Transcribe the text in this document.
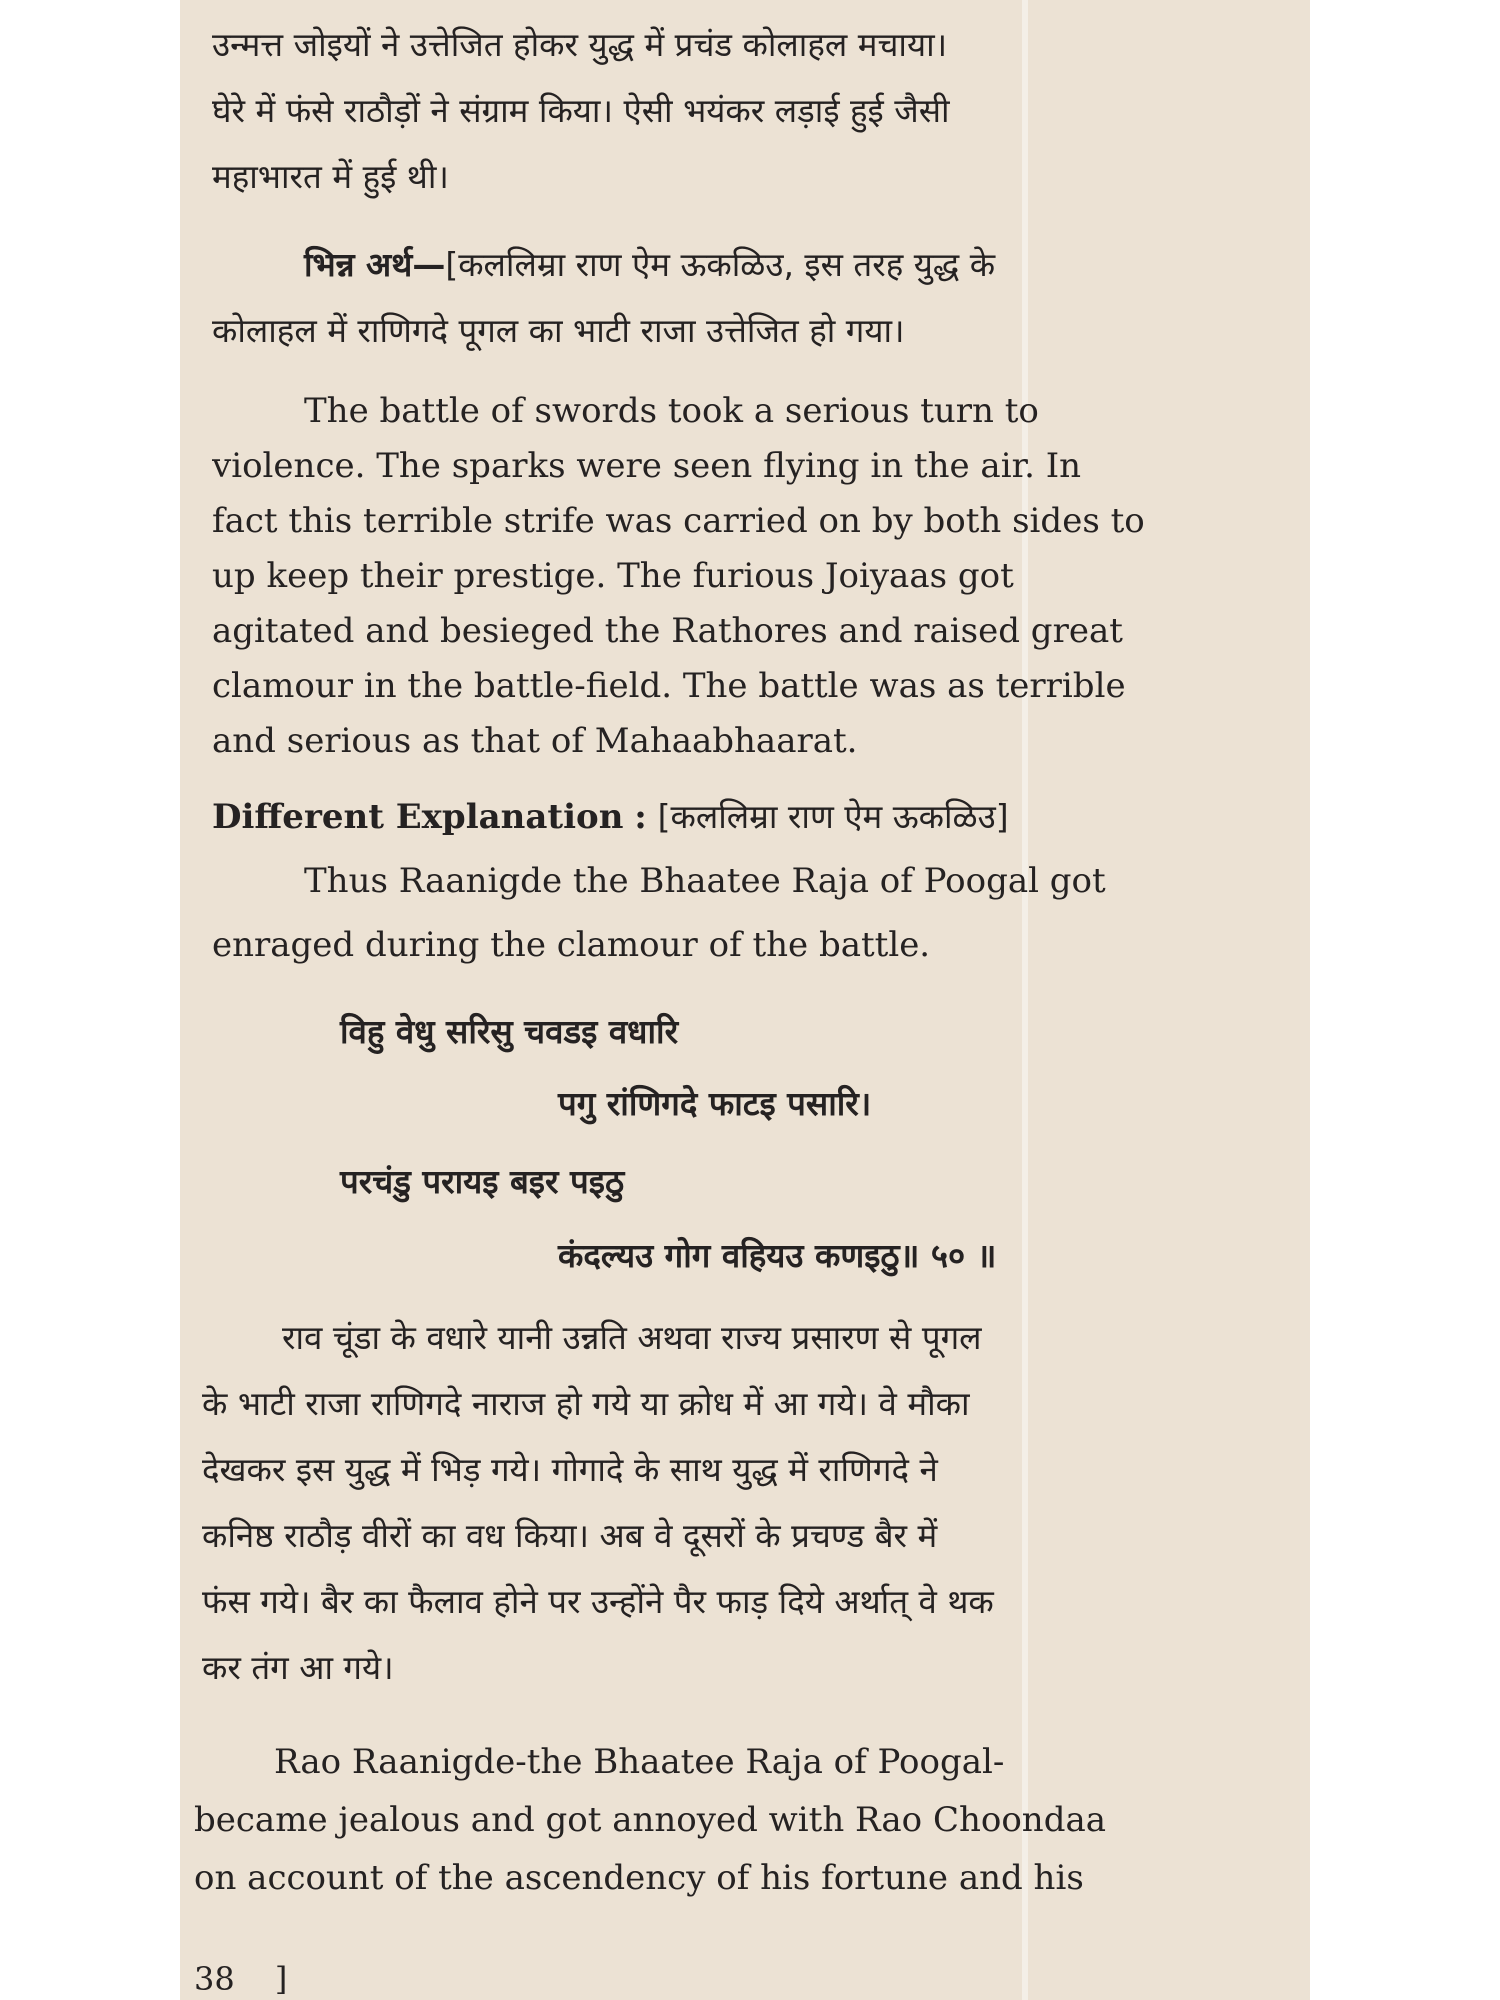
उन्मत्त जोइयों ने उत्तेजित होकर युद्ध में प्रचंड कोलाहल मचाया।
घेरे में फंसे राठौड़ों ने संग्राम किया। ऐसी भयंकर लड़ाई हुई जैसी
महाभारत में हुई थी।
भिन्न अर्थ—[कललिम्रा राण ऐम ऊकळिउ, इस तरह युद्ध के
कोलाहल में राणिगदे पूगल का भाटी राजा उत्तेजित हो गया।
The battle of swords took a serious turn to
violence. The sparks were seen flying in the air. In
fact this terrible strife was carried on by both sides to
up keep their prestige. The furious Joiyaas got
agitated and besieged the Rathores and raised great
clamour in the battle-field. The battle was as terrible
and serious as that of Mahaabhaarat.
Different Explanation : [कललिम्रा राण ऐम ऊकळिउ]
Thus Raanigde the Bhaatee Raja of Poogal got
enraged during the clamour of the battle.
विहु वेधु सरिसु चवडइ वधारि
पगु रांणिगदे फाटइ पसारि।
परचंडु परायइ बइर पइठु
कंदल्यउ गोग वहियउ कणइठु॥ ५० ॥
राव चूंडा के वधारे यानी उन्नति अथवा राज्य प्रसारण से पूगल
के भाटी राजा राणिगदे नाराज हो गये या क्रोध में आ गये। वे मौका
देखकर इस युद्ध में भिड़ गये। गोगादे के साथ युद्ध में राणिगदे ने
कनिष्ठ राठौड़ वीरों का वध किया। अब वे दूसरों के प्रचण्ड बैर में
फंस गये। बैर का फैलाव होने पर उन्होंने पैर फाड़ दिये अर्थात् वे थक
कर तंग आ गये।
Rao Raanigde-the Bhaatee Raja of Poogal-
became jealous and got annoyed with Rao Choondaa
on account of the ascendency of his fortune and his
38 ]
